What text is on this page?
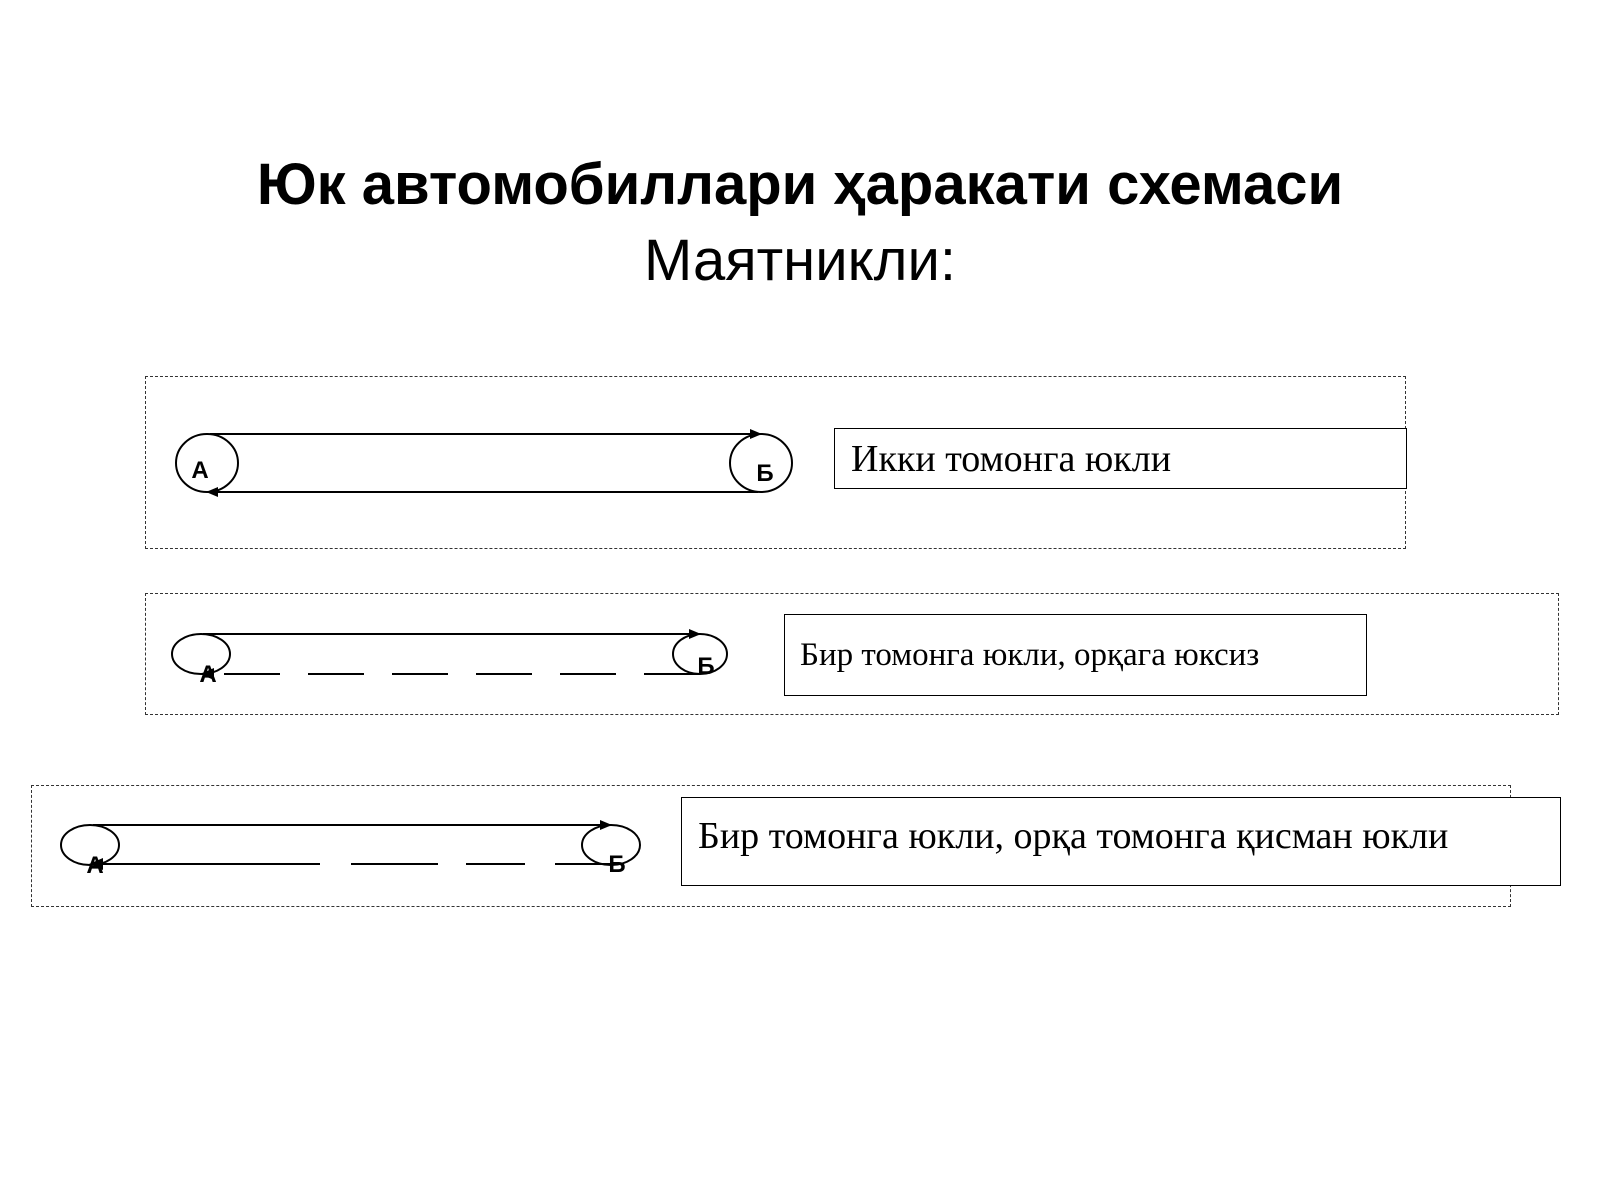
Юк автомобиллари ҳаракати схемаси
Маятникли:
Икки томонга юкли
Бир томонга юкли, орқага юксиз
Бир томонга юкли, орқа томонга қисман юкли
А	Б
А	Б
А	Б
